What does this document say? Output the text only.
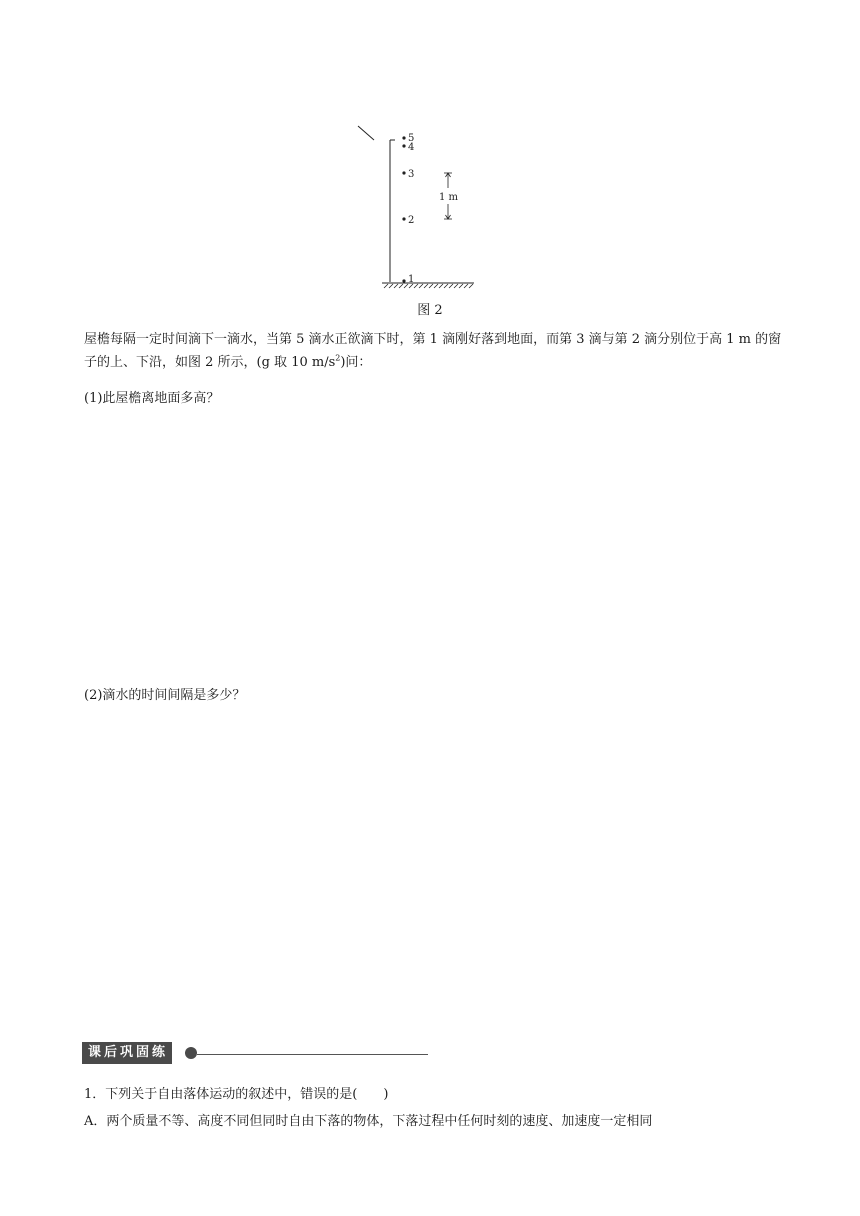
5
4
3
2
1
1 m
图 2
屋檐每隔一定时间滴下一滴水，当第 5 滴水正欲滴下时，第 1 滴刚好落到地面，而第 3 滴与第 2 滴分别位于高 1 m 的窗子的上、下沿，如图 2 所示，(g 取 10 $m/s^2$)问：
(1)此屋檐离地面多高？
(2)滴水的时间间隔是多少？
课后巩固练
1．下列关于自由落体运动的叙述中，错误的是(　　)
A．两个质量不等、高度不同但同时自由下落的物体，下落过程中任何时刻的速度、加速度一定相同
